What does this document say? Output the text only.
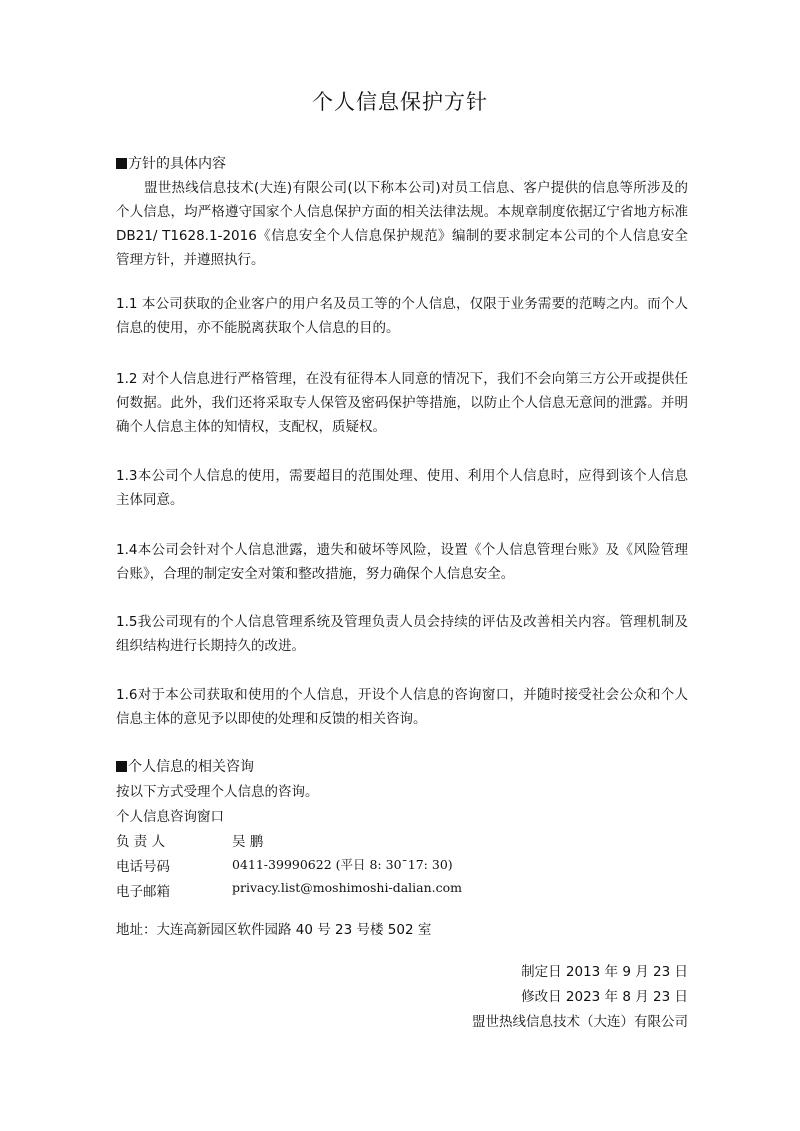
个人信息保护方针
方针的具体内容

盟世热线信息技术(大连)有限公司(以下称本公司)对员工信息、客户提供的信息等所涉及的个人信息，均严格遵守国家个人信息保护方面的相关法律法规。本规章制度依据辽宁省地方标准 DB21/ T1628.1-2016《信息安全个人信息保护规范》编制的要求制定本公司的个人信息安全管理方针，并遵照执行。

1.1 本公司获取的企业客户的用户名及员工等的个人信息，仅限于业务需要的范畴之内。而个人信息的使用，亦不能脱离获取个人信息的目的。

1.2 对个人信息进行严格管理，在没有征得本人同意的情况下，我们不会向第三方公开或提供任何数据。此外，我们还将采取专人保管及密码保护等措施，以防止个人信息无意间的泄露。并明确个人信息主体的知情权，支配权，质疑权。

1.3本公司个人信息的使用，需要超目的范围处理、使用、利用个人信息时，应得到该个人信息主体同意。

1.4本公司会针对个人信息泄露，遗失和破坏等风险，设置《个人信息管理台账》及《风险管理台账》，合理的制定安全对策和整改措施，努力确保个人信息安全。

1.5我公司现有的个人信息管理系统及管理负责人员会持续的评估及改善相关内容。管理机制及组织结构进行长期持久的改进。

1.6对于本公司获取和使用的个人信息，开设个人信息的咨询窗口，并随时接受社会公众和个人信息主体的意见予以即使的处理和反馈的相关咨询。

个人信息的相关咨询
按以下方式受理个人信息的咨询。
个人信息咨询窗口
负 责 人	吴 鹏
电话号码	0411-39990622 (平日 8: 30¯17: 30)
电子邮箱	privacy.list@moshimoshi-dalian.com
地址：大连高新园区软件园路 40 号 23 号楼 502 室
制定日 2013 年 9 月 23 日
修改日 2023 年 8 月 23 日
盟世热线信息技术（大连）有限公司
